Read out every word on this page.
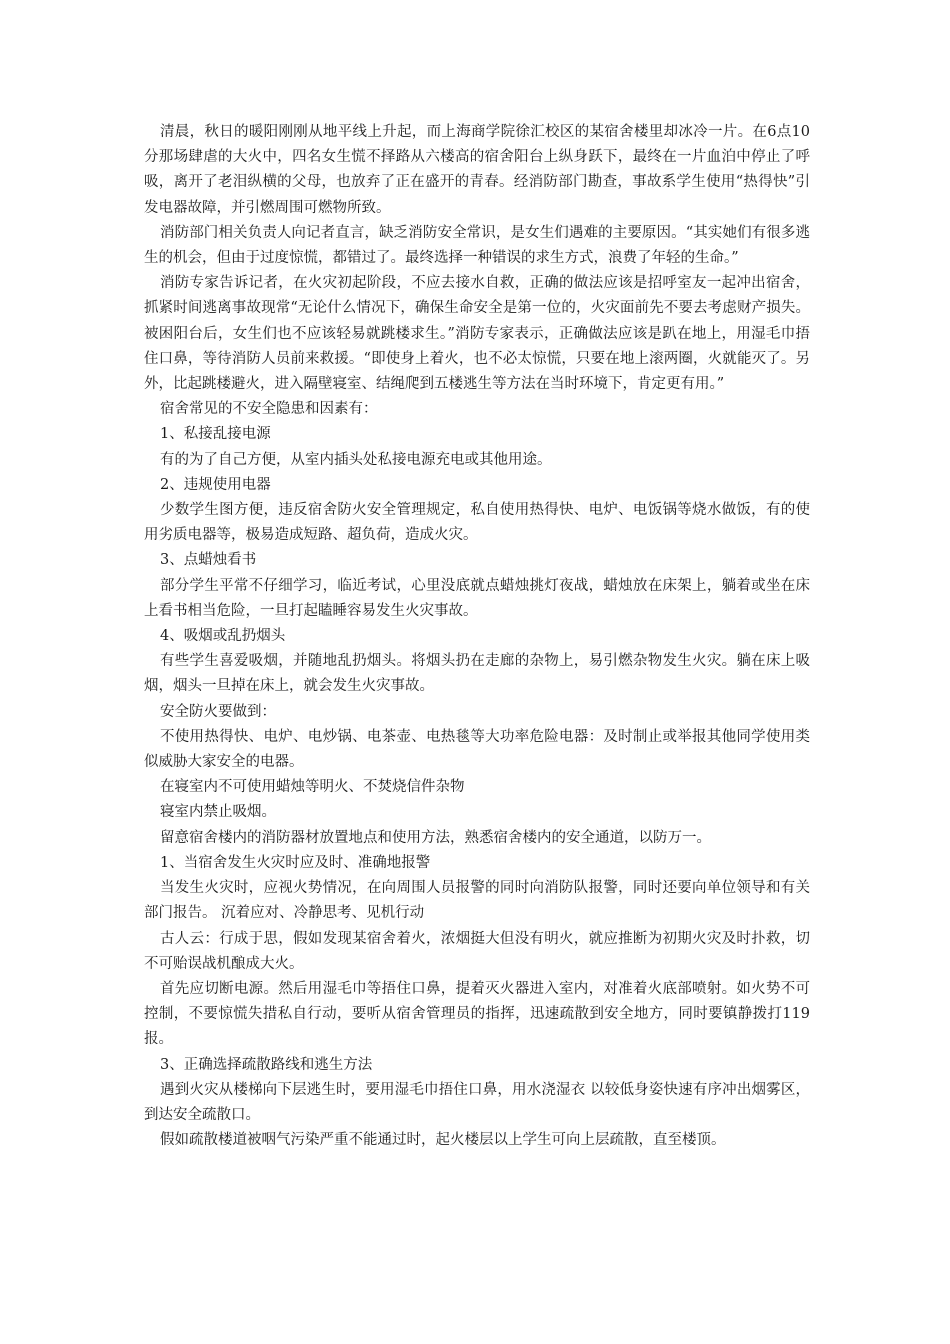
清晨，秋日的暖阳刚刚从地平线上升起，而上海商学院徐汇校区的某宿舍楼里却冰冷一片。在6点10分那场肆虐的大火中，四名女生慌不择路从六楼高的宿舍阳台上纵身跃下，最终在一片血泊中停止了呼吸，离开了老泪纵横的父母，也放弃了正在盛开的青春。经消防部门勘查，事故系学生使用“热得快”引发电器故障，并引燃周围可燃物所致。

消防部门相关负责人向记者直言，缺乏消防安全常识，是女生们遇难的主要原因。“其实她们有很多逃生的机会，但由于过度惊慌，都错过了。最终选择一种错误的求生方式，浪费了年轻的生命。”

消防专家告诉记者，在火灾初起阶段，不应去接水自救，正确的做法应该是招呼室友一起冲出宿舍，抓紧时间逃离事故现常“无论什么情况下，确保生命安全是第一位的，火灾面前先不要去考虑财产损失。被困阳台后，女生们也不应该轻易就跳楼求生。”消防专家表示，正确做法应该是趴在地上，用湿毛巾捂住口鼻，等待消防人员前来救援。“即使身上着火，也不必太惊慌，只要在地上滚两圈，火就能灭了。另外，比起跳楼避火，进入隔壁寝室、结绳爬到五楼逃生等方法在当时环境下，肯定更有用。”

宿舍常见的不安全隐患和因素有：

1、私接乱接电源

有的为了自己方便，从室内插头处私接电源充电或其他用途。

2、违规使用电器

少数学生图方便，违反宿舍防火安全管理规定，私自使用热得快、电炉、电饭锅等烧水做饭，有的使用劣质电器等，极易造成短路、超负荷，造成火灾。

3、点蜡烛看书

部分学生平常不仔细学习，临近考试，心里没底就点蜡烛挑灯夜战，蜡烛放在床架上，躺着或坐在床上看书相当危险，一旦打起瞌睡容易发生火灾事故。

4、吸烟或乱扔烟头

有些学生喜爱吸烟，并随地乱扔烟头。将烟头扔在走廊的杂物上，易引燃杂物发生火灾。躺在床上吸烟，烟头一旦掉在床上，就会发生火灾事故。

安全防火要做到：

不使用热得快、电炉、电炒锅、电茶壶、电热毯等大功率危险电器：及时制止或举报其他同学使用类似威胁大家安全的电器。

在寝室内不可使用蜡烛等明火、不焚烧信件杂物

寝室内禁止吸烟。

留意宿舍楼内的消防器材放置地点和使用方法，熟悉宿舍楼内的安全通道，以防万一。

1、当宿舍发生火灾时应及时、准确地报警

当发生火灾时，应视火势情况，在向周围人员报警的同时向消防队报警，同时还要向单位领导和有关部门报告。 沉着应对、冷静思考、见机行动

古人云：行成于思，假如发现某宿舍着火，浓烟挺大但没有明火，就应推断为初期火灾及时扑救，切不可贻误战机酿成大火。

首先应切断电源。然后用湿毛巾等捂住口鼻，提着灭火器进入室内，对准着火底部喷射。如火势不可控制，不要惊慌失措私自行动，要听从宿舍管理员的指挥，迅速疏散到安全地方，同时要镇静拨打119报。

3、正确选择疏散路线和逃生方法

遇到火灾从楼梯向下层逃生时，要用湿毛巾捂住口鼻，用水浇湿衣 以较低身姿快速有序冲出烟雾区，到达安全疏散口。

假如疏散楼道被咽气污染严重不能通过时，起火楼层以上学生可向上层疏散，直至楼顶。
